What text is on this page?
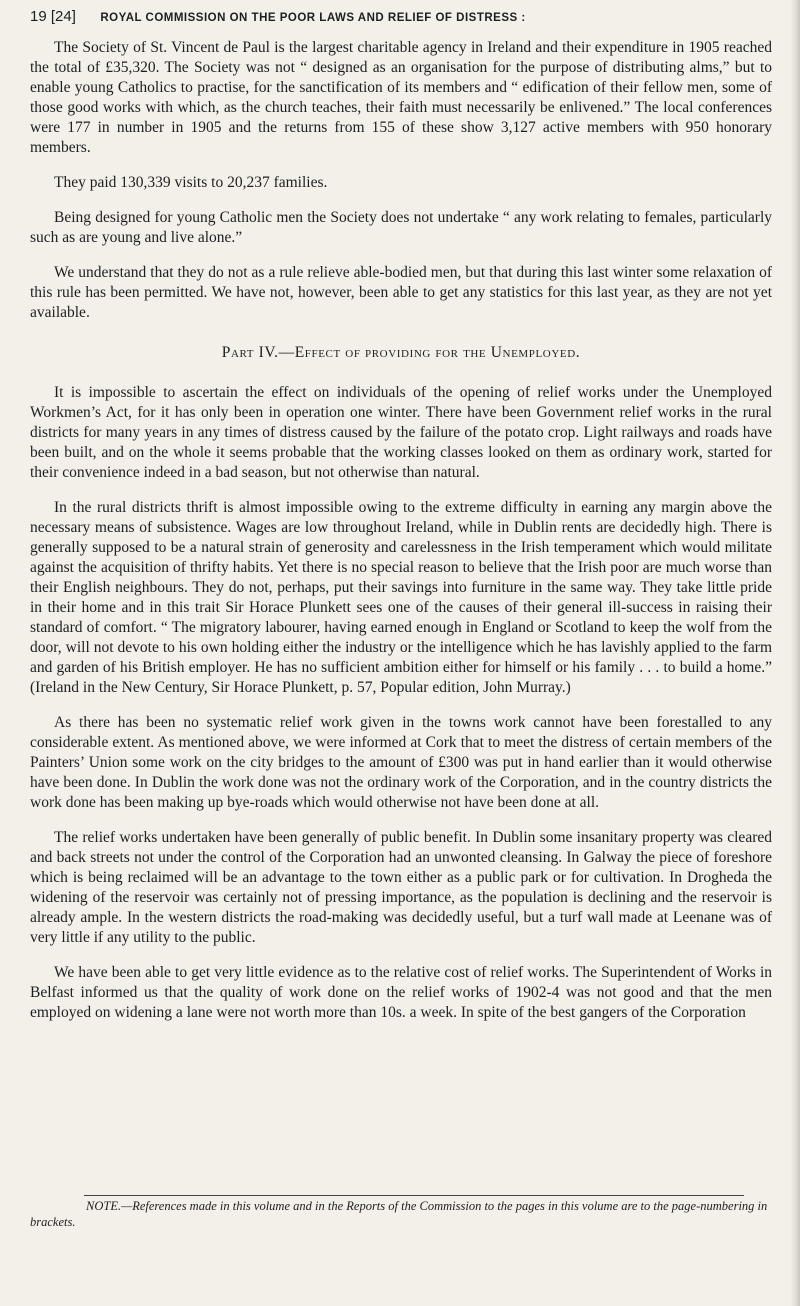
19 [24] ROYAL COMMISSION ON THE POOR LAWS AND RELIEF OF DISTRESS :

The Society of St. Vincent de Paul is the largest charitable agency in Ireland and their expenditure in 1905 reached the total of £35,320. The Society was not “ designed as an organisation for the purpose of distributing alms,” but to enable young Catholics to practise, for the sanctification of its members and “ edification of their fellow men, some of those good works with which, as the church teaches, their faith must necessarily be enlivened.” The local conferences were 177 in number in 1905 and the returns from 155 of these show 3,127 active members with 950 honorary members.

They paid 130,339 visits to 20,237 families.

Being designed for young Catholic men the Society does not undertake “ any work relating to females, particularly such as are young and live alone.”

We understand that they do not as a rule relieve able-bodied men, but that during this last winter some relaxation of this rule has been permitted. We have not, however, been able to get any statistics for this last year, as they are not yet available.

Part IV.—Effect of providing for the Unemployed.

It is impossible to ascertain the effect on individuals of the opening of relief works under the Unemployed Workmen’s Act, for it has only been in operation one winter. There have been Government relief works in the rural districts for many years in any times of distress caused by the failure of the potato crop. Light railways and roads have been built, and on the whole it seems probable that the working classes looked on them as ordinary work, started for their convenience indeed in a bad season, but not otherwise than natural.

In the rural districts thrift is almost impossible owing to the extreme difficulty in earning any margin above the necessary means of subsistence. Wages are low throughout Ireland, while in Dublin rents are decidedly high. There is generally supposed to be a natural strain of generosity and carelessness in the Irish temperament which would militate against the acquisition of thrifty habits. Yet there is no special reason to believe that the Irish poor are much worse than their English neighbours. They do not, perhaps, put their savings into furniture in the same way. They take little pride in their home and in this trait Sir Horace Plunkett sees one of the causes of their general ill-success in raising their standard of comfort. “ The migratory labourer, having earned enough in England or Scotland to keep the wolf from the door, will not devote to his own holding either the industry or the intelligence which he has lavishly applied to the farm and garden of his British employer. He has no sufficient ambition either for himself or his family . . . to build a home.” (Ireland in the New Century, Sir Horace Plunkett, p. 57, Popular edition, John Murray.)

As there has been no systematic relief work given in the towns work cannot have been forestalled to any considerable extent. As mentioned above, we were informed at Cork that to meet the distress of certain members of the Painters’ Union some work on the city bridges to the amount of £300 was put in hand earlier than it would otherwise have been done. In Dublin the work done was not the ordinary work of the Corporation, and in the country districts the work done has been making up bye-roads which would otherwise not have been done at all.

The relief works undertaken have been generally of public benefit. In Dublin some insanitary property was cleared and back streets not under the control of the Corporation had an unwonted cleansing. In Galway the piece of foreshore which is being reclaimed will be an advantage to the town either as a public park or for cultivation. In Drogheda the widening of the reservoir was certainly not of pressing importance, as the population is declining and the reservoir is already ample. In the western districts the road-making was decidedly useful, but a turf wall made at Leenane was of very little if any utility to the public.

We have been able to get very little evidence as to the relative cost of relief works. The Superintendent of Works in Belfast informed us that the quality of work done on the relief works of 1902-4 was not good and that the men employed on widening a lane were not worth more than 10s. a week. In spite of the best gangers of the Corporation

NOTE.—References made in this volume and in the Reports of the Commission to the pages in this volume are to the page-numbering in brackets.
